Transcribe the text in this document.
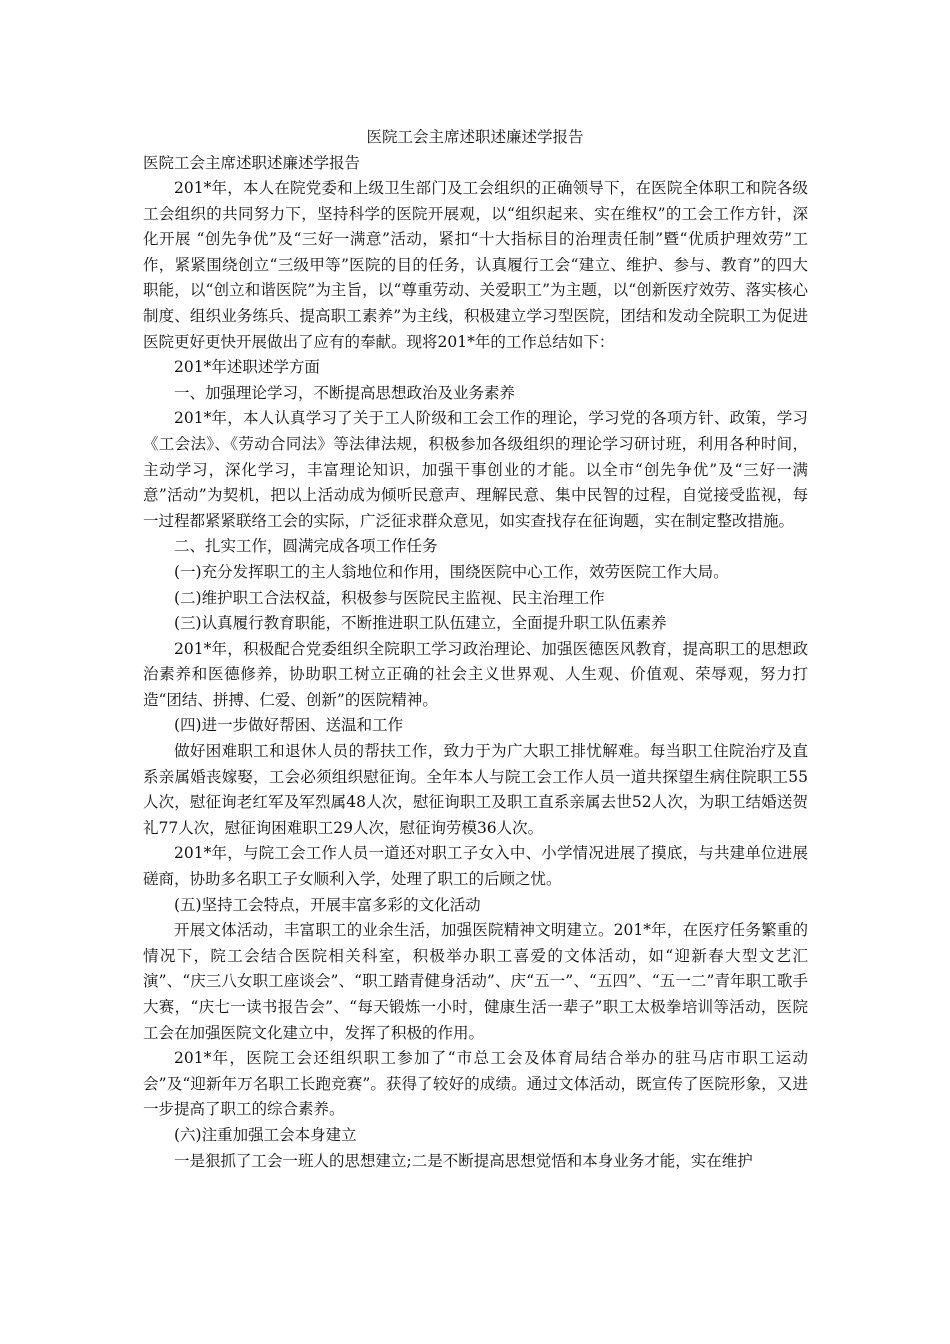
医院工会主席述职述廉述学报告
医院工会主席述职述廉述学报告

201*年，本人在院党委和上级卫生部门及工会组织的正确领导下，在医院全体职工和院各级工会组织的共同努力下，坚持科学的医院开展观，以“组织起来、实在维权”的工会工作方针，深化开展 “创先争优”及“三好一满意”活动，紧扣“十大指标目的治理责任制”暨“优质护理效劳”工作，紧紧围绕创立“三级甲等”医院的目的任务，认真履行工会“建立、维护、参与、教育”的四大职能，以“创立和谐医院”为主旨，以“尊重劳动、关爱职工”为主题，以“创新医疗效劳、落实核心制度、组织业务练兵、提高职工素养”为主线，积极建立学习型医院，团结和发动全院职工为促进医院更好更快开展做出了应有的奉献。现将201*年的工作总结如下：

201*年述职述学方面

一、加强理论学习，不断提高思想政治及业务素养

201*年，本人认真学习了关于工人阶级和工会工作的理论，学习党的各项方针、政策，学习《工会法》、《劳动合同法》等法律法规，积极参加各级组织的理论学习研讨班，利用各种时间，主动学习，深化学习，丰富理论知识，加强干事创业的才能。以全市“创先争优”及“三好一满意”活动”为契机，把以上活动成为倾听民意声、理解民意、集中民智的过程，自觉接受监视，每一过程都紧紧联络工会的实际，广泛征求群众意见，如实查找存在征询题，实在制定整改措施。

二、扎实工作，圆满完成各项工作任务

(一)充分发挥职工的主人翁地位和作用，围绕医院中心工作，效劳医院工作大局。

(二)维护职工合法权益，积极参与医院民主监视、民主治理工作

(三)认真履行教育职能，不断推进职工队伍建立，全面提升职工队伍素养

201*年，积极配合党委组织全院职工学习政治理论、加强医德医风教育，提高职工的思想政治素养和医德修养，协助职工树立正确的社会主义世界观、人生观、价值观、荣辱观，努力打造“团结、拼搏、仁爱、创新”的医院精神。

(四)进一步做好帮困、送温和工作

做好困难职工和退休人员的帮扶工作，致力于为广大职工排忧解难。每当职工住院治疗及直系亲属婚丧嫁娶，工会必须组织慰征询。全年本人与院工会工作人员一道共探望生病住院职工55人次，慰征询老红军及军烈属48人次，慰征询职工及职工直系亲属去世52人次，为职工结婚送贺礼77人次，慰征询困难职工29人次，慰征询劳模36人次。

201*年，与院工会工作人员一道还对职工子女入中、小学情况进展了摸底，与共建单位进展磋商，协助多名职工子女顺利入学，处理了职工的后顾之忧。

(五)坚持工会特点，开展丰富多彩的文化活动

开展文体活动，丰富职工的业余生活，加强医院精神文明建立。201*年，在医疗任务繁重的情况下，院工会结合医院相关科室，积极举办职工喜爱的文体活动，如“迎新春大型文艺汇演”、“庆三八女职工座谈会”、“职工踏青健身活动”、庆“五一”、“五四”、“五一二”青年职工歌手大赛，“庆七一读书报告会”、“每天锻炼一小时，健康生活一辈子”职工太极拳培训等活动，医院工会在加强医院文化建立中，发挥了积极的作用。

201*年，医院工会还组织职工参加了“市总工会及体育局结合举办的驻马店市职工运动会”及“迎新年万名职工长跑竞赛”。获得了较好的成绩。通过文体活动，既宣传了医院形象，又进一步提高了职工的综合素养。

(六)注重加强工会本身建立

一是狠抓了工会一班人的思想建立;二是不断提高思想觉悟和本身业务才能，实在维护
